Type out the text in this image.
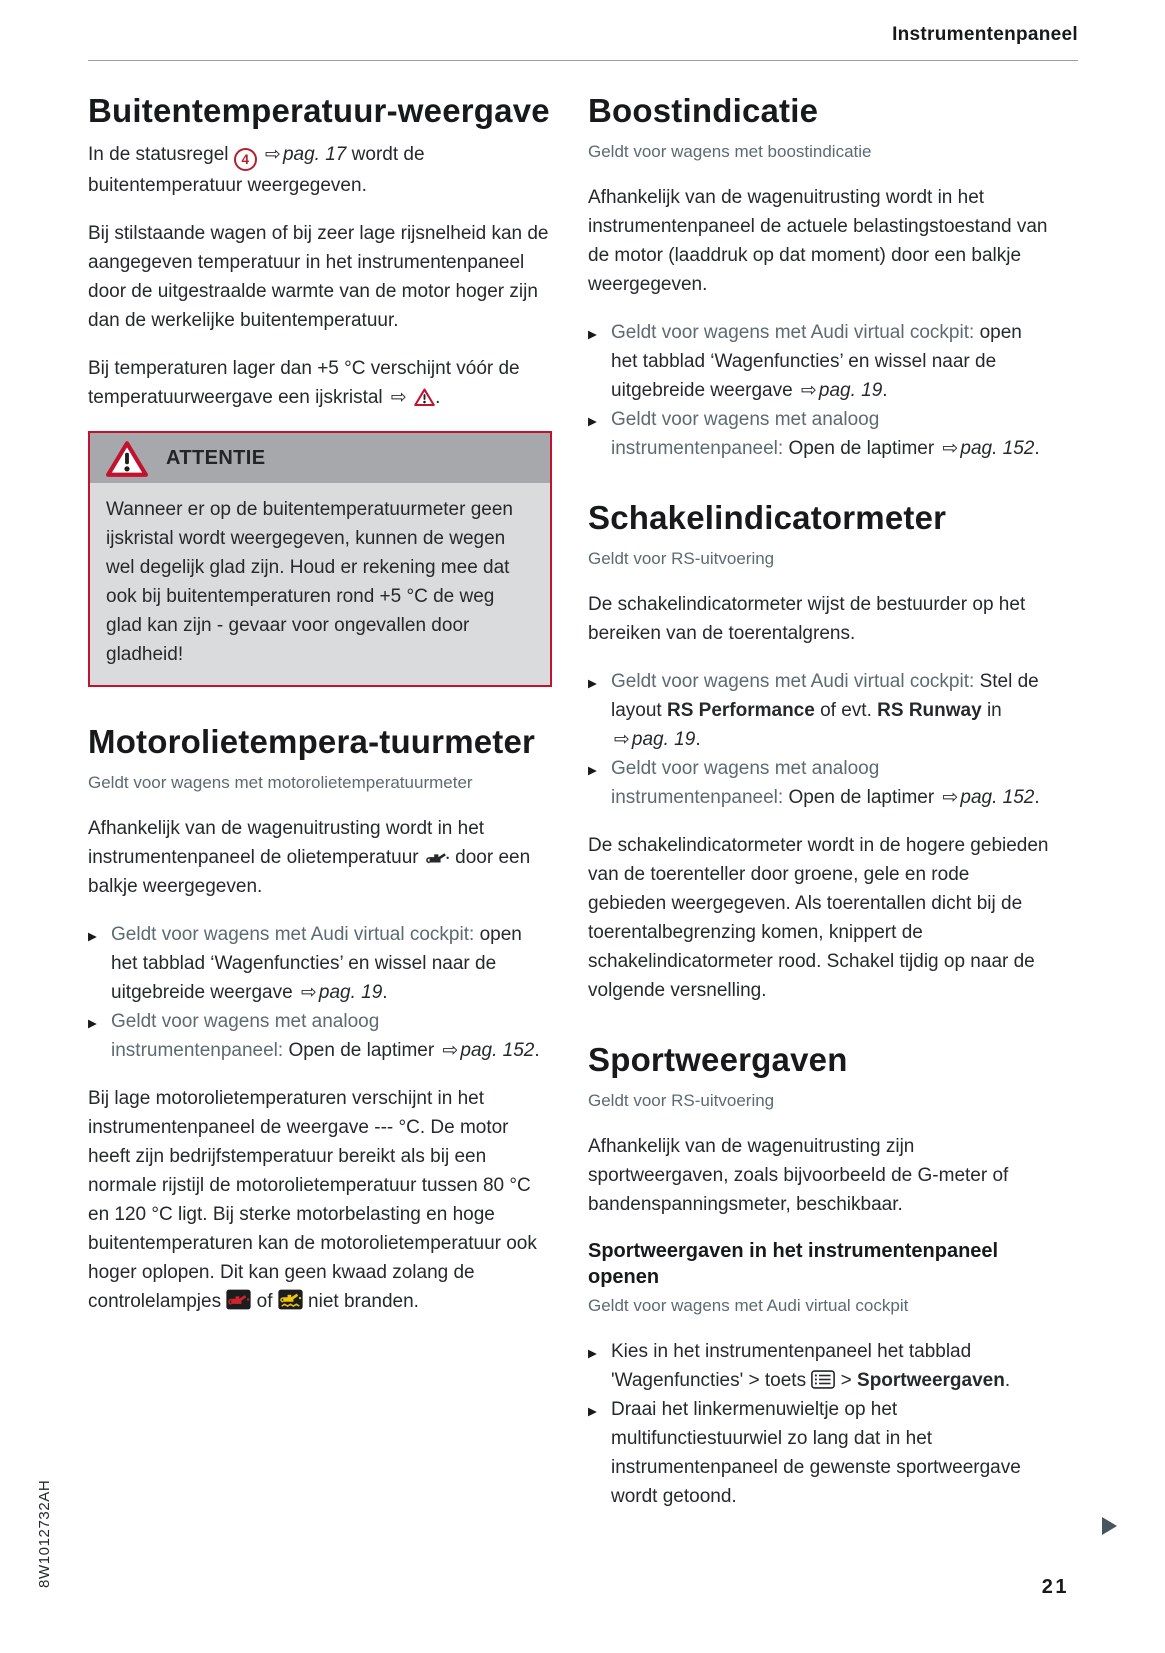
Instrumentenpaneel
Buitentemperatuur-weergave
In de statusregel 4 ⇨ pag. 17 wordt de buitentemperatuur weergegeven.
Bij stilstaande wagen of bij zeer lage rijsnelheid kan de aangegeven temperatuur in het instrumentenpaneel door de uitgestraalde warmte van de motor hoger zijn dan de werkelijke buitentemperatuur.
Bij temperaturen lager dan +5 °C verschijnt vóór de temperatuurweergave een ijskristal ⇨ .
ATTENTIE
Wanneer er op de buitentemperatuurmeter geen ijskristal wordt weergegeven, kunnen de wegen wel degelijk glad zijn. Houd er rekening mee dat ook bij buitentemperaturen rond +5 °C de weg glad kan zijn - gevaar voor ongevallen door gladheid!
Motorolietempera-tuurmeter

Geldt voor wagens met motorolietemperatuurmeter

Afhankelijk van de wagenuitrusting wordt in het instrumentenpaneel de olietemperatuur  door een balkje weergegeven.
▶
Geldt voor wagens met Audi virtual cockpit: open het tabblad ‘Wagenfuncties’ en wissel naar de uitgebreide weergave ⇨ pag. 19.
▶
Geldt voor wagens met analoog instrumentenpaneel: Open de laptimer ⇨ pag. 152.
Bij lage motorolietemperaturen verschijnt in het instrumentenpaneel de weergave --- °C. De motor heeft zijn bedrijfstemperatuur bereikt als bij een normale rijstijl de motorolietemperatuur tussen 80 °C en 120 °C ligt. Bij sterke motorbelasting en hoge buitentemperaturen kan de motorolietemperatuur ook hoger oplopen. Dit kan geen kwaad zolang de controlelampjes  of  niet branden.
Boostindicatie

Geldt voor wagens met boostindicatie

Afhankelijk van de wagenuitrusting wordt in het instrumentenpaneel de actuele belastingstoestand van de motor (laaddruk op dat moment) door een balkje weergegeven.
▶
Geldt voor wagens met Audi virtual cockpit: open het tabblad ‘Wagenfuncties’ en wissel naar de uitgebreide weergave ⇨ pag. 19.
▶
Geldt voor wagens met analoog instrumentenpaneel: Open de laptimer ⇨ pag. 152.
Schakelindicatormeter

Geldt voor RS-uitvoering

De schakelindicatormeter wijst de bestuurder op het bereiken van de toerentalgrens.
▶
Geldt voor wagens met Audi virtual cockpit: Stel de layout RS Performance of evt. RS Runway in ⇨ pag. 19.
▶
Geldt voor wagens met analoog instrumentenpaneel: Open de laptimer ⇨ pag. 152.
De schakelindicatormeter wordt in de hogere gebieden van de toerenteller door groene, gele en rode gebieden weergegeven. Als toerentallen dicht bij de toerentalbegrenzing komen, knippert de schakelindicatormeter rood. Schakel tijdig op naar de volgende versnelling.
Sportweergaven

Geldt voor RS-uitvoering

Afhankelijk van de wagenuitrusting zijn sportweergaven, zoals bijvoorbeeld de G-meter of bandenspanningsmeter, beschikbaar.
Sportweergaven in het instrumentenpaneel openen

Geldt voor wagens met Audi virtual cockpit

▶
Kies in het instrumentenpaneel het tabblad 'Wagenfuncties' > toets  > Sportweergaven.
▶
Draai het linkermenuwieltje op het multifunctiestuurwiel zo lang dat in het instrumentenpaneel de gewenste sportweergave wordt getoond.
21
8W1012732AH
